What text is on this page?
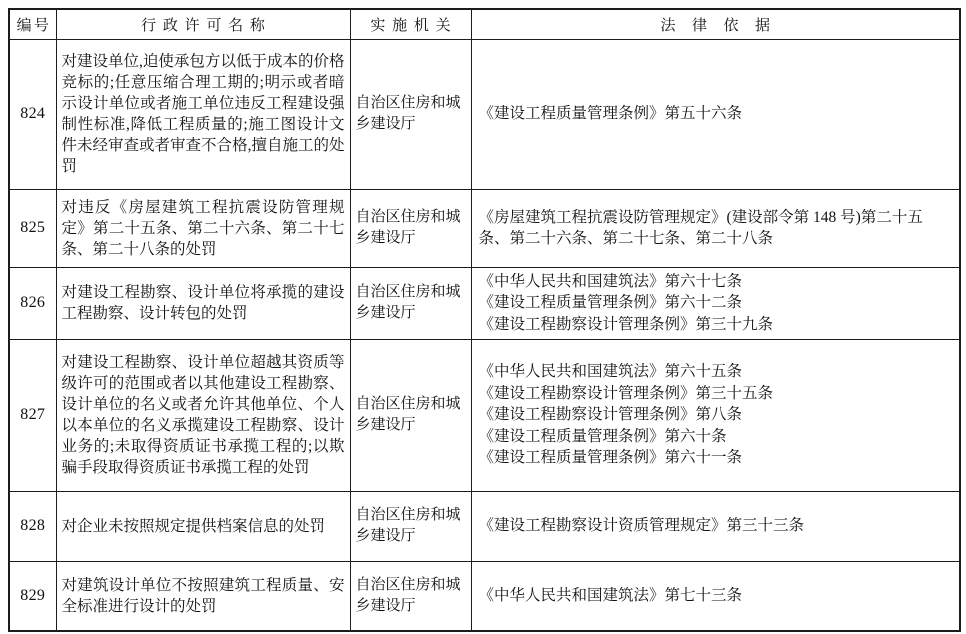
编号	行政许可名称	实施机关	法律依据
824	对建设单位,迫使承包方以低于成本的价格竞标的;任意压缩合理工期的;明示或者暗示设计单位或者施工单位违反工程建设强制性标准,降低工程质量的;施工图设计文件未经审查或者审查不合格,擅自施工的处罚	自治区住房和城乡建设厅	《建设工程质量管理条例》第五十六条

825	对违反《房屋建筑工程抗震设防管理规定》第二十五条、第二十六条、第二十七条、第二十八条的处罚	自治区住房和城乡建设厅	《房屋建筑工程抗震设防管理规定》(建设部令第 148 号)第二十五条、第二十六条、第二十七条、第二十八条

826	对建设工程勘察、设计单位将承揽的建设工程勘察、设计转包的处罚	自治区住房和城乡建设厅	《中华人民共和国建筑法》第六十七条
《建设工程质量管理条例》第六十二条
《建设工程勘察设计管理条例》第三十九条

827	对建设工程勘察、设计单位超越其资质等级许可的范围或者以其他建设工程勘察、设计单位的名义或者允许其他单位、个人以本单位的名义承揽建设工程勘察、设计业务的;未取得资质证书承揽工程的;以欺骗手段取得资质证书承揽工程的处罚	自治区住房和城乡建设厅	《中华人民共和国建筑法》第六十五条
《建设工程勘察设计管理条例》第三十五条
《建设工程勘察设计管理条例》第八条
《建设工程质量管理条例》第六十条
《建设工程质量管理条例》第六十一条

828	对企业未按照规定提供档案信息的处罚	自治区住房和城乡建设厅	《建设工程勘察设计资质管理规定》第三十三条

829	对建筑设计单位不按照建筑工程质量、安全标准进行设计的处罚	自治区住房和城乡建设厅	《中华人民共和国建筑法》第七十三条
